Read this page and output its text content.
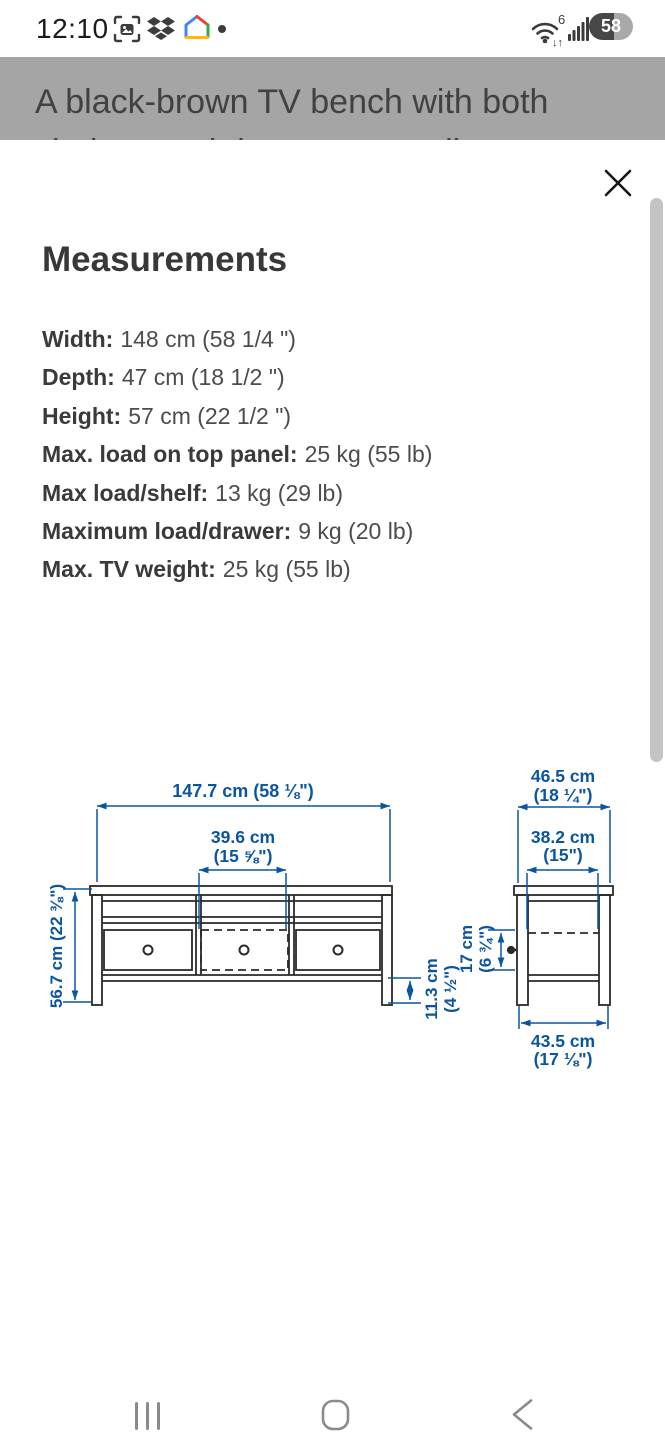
12:10	6
↓↑
58
A black-brown TV bench with both
Measurements
Width: 148 cm (58 1/4 ")
Depth: 47 cm (18 1/2 ")
Height: 57 cm (22 1/2 ")
Max. load on top panel: 25 kg (55 lb)
Max load/shelf: 13 kg (29 lb)
Maximum load/drawer: 9 kg (20 lb)
Max. TV weight: 25 kg (55 lb)
147.7 cm (58 ⅛")
39.6 cm
(15 ⅝")
56.7 cm (22 ⅜")	11.3 cm (4 ½")
46.5 cm
(18 ¼")
38.2 cm
(15")
17 cm (6 ¾")
43.5 cm
(17 ⅛")
